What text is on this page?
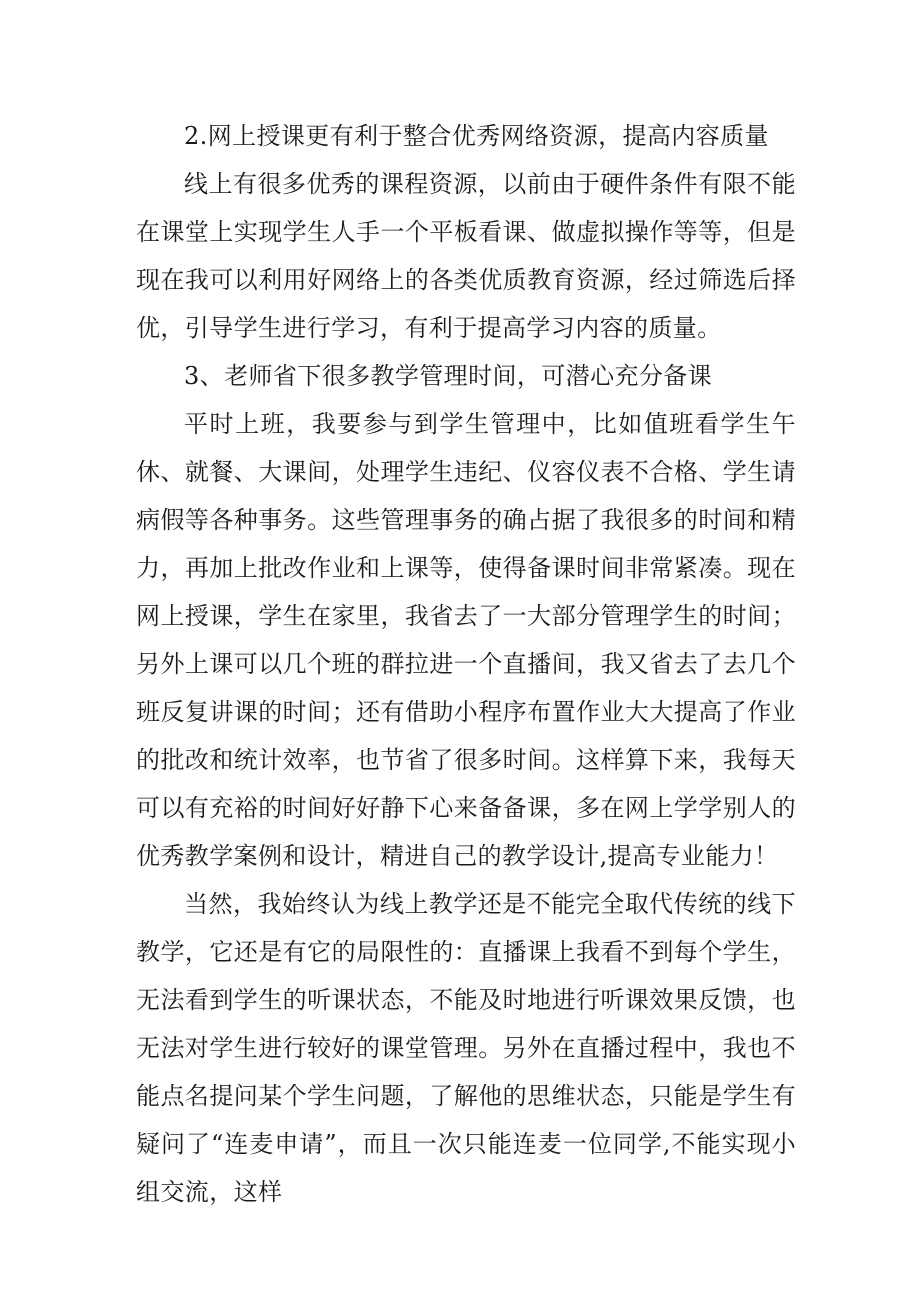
2.网上授课更有利于整合优秀网络资源，提高内容质量

线上有很多优秀的课程资源，以前由于硬件条件有限不能在课堂上实现学生人手一个平板看课、做虚拟操作等等，但是现在我可以利用好网络上的各类优质教育资源，经过筛选后择优，引导学生进行学习，有利于提高学习内容的质量。

3、老师省下很多教学管理时间，可潜心充分备课

平时上班，我要参与到学生管理中，比如值班看学生午休、就餐、大课间，处理学生违纪、仪容仪表不合格、学生请病假等各种事务。这些管理事务的确占据了我很多的时间和精力，再加上批改作业和上课等，使得备课时间非常紧凑。现在网上授课，学生在家里，我省去了一大部分管理学生的时间；另外上课可以几个班的群拉进一个直播间，我又省去了去几个班反复讲课的时间；还有借助小程序布置作业大大提高了作业的批改和统计效率，也节省了很多时间。这样算下来，我每天可以有充裕的时间好好静下心来备备课，多在网上学学别人的优秀教学案例和设计，精进自己的教学设计,提高专业能力！

当然，我始终认为线上教学还是不能完全取代传统的线下教学，它还是有它的局限性的：直播课上我看不到每个学生，无法看到学生的听课状态，不能及时地进行听课效果反馈，也无法对学生进行较好的课堂管理。另外在直播过程中，我也不能点名提问某个学生问题，了解他的思维状态，只能是学生有疑问了“连麦申请”，而且一次只能连麦一位同学,不能实现小组交流，这样
